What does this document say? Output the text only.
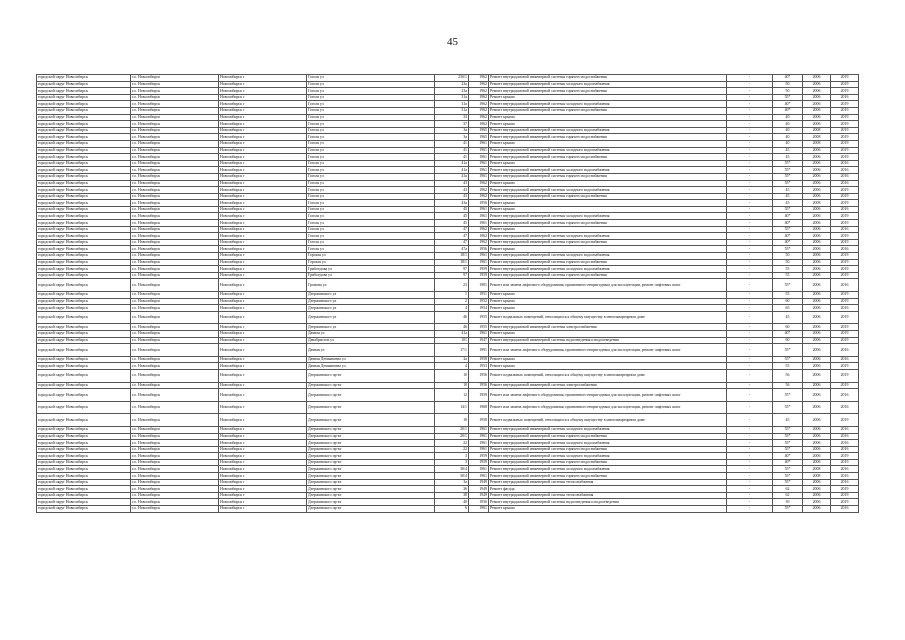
45
городской округ Новосибирск	г.о. Новосибирск	Новосибирск г	Гоголя ул	23б/1	1962	Ремонт внутридомовой инженерной системы горячего водоснабжения	-	40*	2006	2019
городской округ Новосибирск	г.о. Новосибирск	Новосибирск г	Гоголя ул	23а	1962	Ремонт внутридомовой инженерной системы холодного водоснабжения	-	50	2006	2019
городской округ Новосибирск	г.о. Новосибирск	Новосибирск г	Гоголя ул	23а	1962	Ремонт внутридомовой инженерной системы горячего водоснабжения	-	50	2006	2019
городской округ Новосибирск	г.о. Новосибирск	Новосибирск г	Гоголя ул	31а	1962	Ремонт крыши	-	55*	2006	2016
городской округ Новосибирск	г.о. Новосибирск	Новосибирск г	Гоголя ул	31а	1962	Ремонт внутридомовой инженерной системы холодного водоснабжения	-	40*	2006	2019
городской округ Новосибирск	г.о. Новосибирск	Новосибирск г	Гоголя ул	31а	1962	Ремонт внутридомовой инженерной системы горячего водоснабжения	-	40*	2006	2019
городской округ Новосибирск	г.о. Новосибирск	Новосибирск г	Гоголя ул	33	1962	Ремонт крыши	-	40	2006	2019
городской округ Новосибирск	г.о. Новосибирск	Новосибирск г	Гоголя ул	37	1962	Ремонт крыши	-	40	2006	2019
городской округ Новосибирск	г.о. Новосибирск	Новосибирск г	Гоголя ул	3а	1965	Ремонт внутридомовой инженерной системы холодного водоснабжения	-	40	2008	2019
городской округ Новосибирск	г.о. Новосибирск	Новосибирск г	Гоголя ул	3а	1965	Ремонт внутридомовой инженерной системы горячего водоснабжения	-	40	2008	2019
городской округ Новосибирск	г.о. Новосибирск	Новосибирск г	Гоголя ул	41	1961	Ремонт крыши	-	40	2008	2019
городской округ Новосибирск	г.о. Новосибирск	Новосибирск г	Гоголя ул	41	1961	Ремонт внутридомовой инженерной системы холодного водоснабжения	-	45	2006	2019
городской округ Новосибирск	г.о. Новосибирск	Новосибирск г	Гоголя ул	41	1961	Ремонт внутридомовой инженерной системы горячего водоснабжения	-	45	2006	2019
городской округ Новосибирск	г.о. Новосибирск	Новосибирск г	Гоголя ул	41а	1961	Ремонт крыши	-	55*	2006	2016
городской округ Новосибирск	г.о. Новосибирск	Новосибирск г	Гоголя ул	41а	1961	Ремонт внутридомовой инженерной системы холодного водоснабжения	-	55*	2006	2016
городской округ Новосибирск	г.о. Новосибирск	Новосибирск г	Гоголя ул	41а	1961	Ремонт внутридомовой инженерной системы горячего водоснабжения	-	55*	2006	2016
городской округ Новосибирск	г.о. Новосибирск	Новосибирск г	Гоголя ул	43	1962	Ремонт крыши	-	55*	2006	2016
городской округ Новосибирск	г.о. Новосибирск	Новосибирск г	Гоголя ул	43	1962	Ремонт внутридомовой инженерной системы холодного водоснабжения	-	45	2006	2019
городской округ Новосибирск	г.о. Новосибирск	Новосибирск г	Гоголя ул	43	1962	Ремонт внутридомовой инженерной системы горячего водоснабжения	-	45	2006	2019
городской округ Новосибирск	г.о. Новосибирск	Новосибирск г	Гоголя ул	43а	1956	Ремонт крыши	-	45	2008	2019
городской округ Новосибирск	г.о. Новосибирск	Новосибирск г	Гоголя ул	45	1961	Ремонт крыши	-	55*	2006	2016
городской округ Новосибирск	г.о. Новосибирск	Новосибирск г	Гоголя ул	45	1961	Ремонт внутридомовой инженерной системы холодного водоснабжения	-	40*	2006	2019
городской округ Новосибирск	г.о. Новосибирск	Новосибирск г	Гоголя ул	45	1961	Ремонт внутридомовой инженерной системы горячего водоснабжения	-	40*	2006	2019
городской округ Новосибирск	г.о. Новосибирск	Новосибирск г	Гоголя ул	47	1962	Ремонт крыши	-	55*	2006	2016
городской округ Новосибирск	г.о. Новосибирск	Новосибирск г	Гоголя ул	47	1962	Ремонт внутридомовой инженерной системы холодного водоснабжения	-	40*	2006	2019
городской округ Новосибирск	г.о. Новосибирск	Новосибирск г	Гоголя ул	47	1962	Ремонт внутридомовой инженерной системы горячего водоснабжения	-	40*	2006	2019
городской округ Новосибирск	г.о. Новосибирск	Новосибирск г	Гоголя ул	47а	1956	Ремонт крыши	-	55*	2006	2016
городской округ Новосибирск	г.о. Новосибирск	Новосибирск г	Горская ул	18/1	1961	Ремонт внутридомовой инженерной системы холодного водоснабжения	-	50	2006	2019
городской округ Новосибирск	г.о. Новосибирск	Новосибирск г	Горская ул	18/1	1961	Ремонт внутридомовой инженерной системы горячего водоснабжения	-	50	2006	2019
городской округ Новосибирск	г.о. Новосибирск	Новосибирск г	Грибоедова ул	97	1959	Ремонт внутридомовой инженерной системы холодного водоснабжения	-	55	2006	2019
городской округ Новосибирск	г.о. Новосибирск	Новосибирск г	Грибоедова ул	97	1959	Ремонт внутридомовой инженерной системы горячего водоснабжения	-	55	2006	2019
городской округ Новосибирск	г.о. Новосибирск	Новосибирск г	Громова ул	23	1981	Ремонт или замена лифтового оборудования, признанного непригодным для эксплуатации, ремонт лифтовых шахт	-	55*	2006	2016
городской округ Новосибирск	г.о. Новосибирск	Новосибирск г	Дзержинского ул	1	1951	Ремонт крыши	-	55	2006	2019
городской округ Новосибирск	г.о. Новосибирск	Новосибирск г	Дзержинского ул	2	1952	Ремонт крыши	-	60	2006	2019
городской округ Новосибирск	г.о. Новосибирск	Новосибирск г	Дзержинского ул	4	1954	Ремонт крыши	-	65	2006	2016
городской округ Новосибирск	г.о. Новосибирск	Новосибирск г	Дзержинского ул	46	1955	Ремонт подвальных помещений, относящихся к общему имуществу в многоквартирном доме	-	45	2006	2019
городской округ Новосибирск	г.о. Новосибирск	Новосибирск г	Дзержинского ул	46	1955	Ремонт внутридомовой инженерной системы электроснабжения	-	60	2006	2019
городской округ Новосибирск	г.о. Новосибирск	Новосибирск г	Дачная ул	41а	1961	Ремонт крыши	-	40*	2006	2019
городской округ Новосибирск	г.о. Новосибирск	Новосибирск г	Декабристов ул	101	1947	Ремонт внутридомовой инженерной системы водоотведения и водоотведения	-	60	2006	2019
городской округ Новосибирск	г.о. Новосибирск	Новосибирск г	Дачная ул	17/1	1991	Ремонт или замена лифтового оборудования, признанного непригодным для эксплуатации, ремонт лифтовых шахт	-	55*	2006	2016
городской округ Новосибирск	г.о. Новосибирск	Новосибирск г	Дачная Демьяновна ул	2а	1958	Ремонт крыши	-	55*	2006	2016
городской округ Новосибирск	г.о. Новосибирск	Новосибирск г	Дачная Демьяновна ул	4	1953	Ремонт крыши	-	55	2006	2019
городской округ Новосибирск	г.о. Новосибирск	Новосибирск г	Дзержинского пр-кт	10	1956	Ремонт подвальных помещений, относящихся к общему имуществу в многоквартирном доме	-	56	2006	2019
городской округ Новосибирск	г.о. Новосибирск	Новосибирск г	Дзержинского пр-кт	10	1956	Ремонт внутридомовой инженерной системы электроснабжения	-	56	2006	2019
городской округ Новосибирск	г.о. Новосибирск	Новосибирск г	Дзержинского пр-кт	12	1959	Ремонт или замена лифтового оборудования, признанного непригодным для эксплуатации, ремонт лифтовых шахт	-	55*	2006	2016
городской округ Новосибирск	г.о. Новосибирск	Новосибирск г	Дзержинского пр-кт	14/1	1968	Ремонт или замена лифтового оборудования, признанного непригодным для эксплуатации, ремонт лифтовых шахт	-	55*	2006	2016
городской округ Новосибирск	г.о. Новосибирск	Новосибирск г	Дзержинского пр-кт	18	1958	Ремонт подвальных помещений, относящихся к общему имуществу в многоквартирном доме	-	45	2006	2019
городской округ Новосибирск	г.о. Новосибирск	Новосибирск г	Дзержинского пр-кт	20/1	1961	Ремонт внутридомовой инженерной системы холодного водоснабжения	-	55*	2006	2016
городской округ Новосибирск	г.о. Новосибирск	Новосибирск г	Дзержинского пр-кт	20/1	1961	Ремонт внутридомовой инженерной системы горячего водоснабжения	-	55*	2006	2016
городской округ Новосибирск	г.о. Новосибирск	Новосибирск г	Дзержинского пр-кт	22	1961	Ремонт внутридомовой инженерной системы холодного водоснабжения	-	55*	2006	2016
городской округ Новосибирск	г.о. Новосибирск	Новосибирск г	Дзержинского пр-кт	22	1961	Ремонт внутридомовой инженерной системы горячего водоснабжения	-	55*	2006	2016
городской округ Новосибирск	г.о. Новосибирск	Новосибирск г	Дзержинского пр-кт	3	1959	Ремонт внутридомовой инженерной системы холодного водоснабжения	-	40*	2006	2019
городской округ Новосибирск	г.о. Новосибирск	Новосибирск г	Дзержинского пр-кт	3	1959	Ремонт внутридомовой инженерной системы горячего водоснабжения	-	40*	2006	2019
городской округ Новосибирск	г.о. Новосибирск	Новосибирск г	Дзержинского пр-кт	30/4	1961	Ремонт внутридомовой инженерной системы холодного водоснабжения	-	55*	2008	2016
городской округ Новосибирск	г.о. Новосибирск	Новосибирск г	Дзержинского пр-кт	30/4	1961	Ремонт внутридомовой инженерной системы горячего водоснабжения	-	55*	2008	2016
городской округ Новосибирск	г.о. Новосибирск	Новосибирск г	Дзержинского пр-кт	3а	1949	Ремонт внутридомовой инженерной системы теплоснабжения	-	55*	2006	2016
городской округ Новосибирск	г.о. Новосибирск	Новосибирск г	Дзержинского пр-кт	36	1949	Ремонт фасада	-	62	2006	2019
городской округ Новосибирск	г.о. Новосибирск	Новосибирск г	Дзержинского пр-кт	38	1949	Ремонт внутридомовой инженерной системы теплоснабжения	-	62	2006	2019
городской округ Новосибирск	г.о. Новосибирск	Новосибирск г	Дзержинского пр-кт	40	1956	Ремонт внутридомовой инженерной системы водоотведения и водоотведения	-	39	2006	2019
городской округ Новосибирск	г.о. Новосибирск	Новосибирск г	Дзержинского пр-кт	6	1961	Ремонт крыши	-	55*	2006	2016
